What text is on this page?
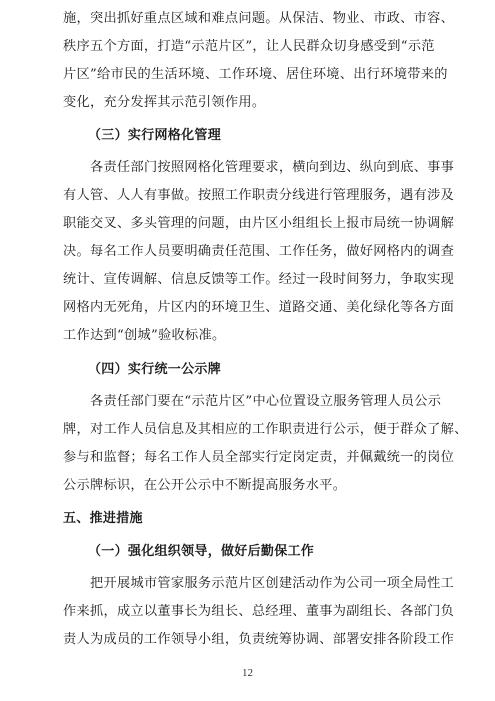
施，突出抓好重点区域和难点问题。从保洁、物业、市政、市容、
秩序五个方面，打造“示范片区”，让人民群众切身感受到“示范
片区”给市民的生活环境、工作环境、居住环境、出行环境带来的
变化，充分发挥其示范引领作用。
（三）实行网格化管理
各责任部门按照网格化管理要求，横向到边、纵向到底、事事
有人管、人人有事做。按照工作职责分线进行管理服务，遇有涉及
职能交叉、多头管理的问题，由片区小组组长上报市局统一协调解
决。每名工作人员要明确责任范围、工作任务，做好网格内的调查
统计、宣传调解、信息反馈等工作。经过一段时间努力，争取实现
网格内无死角，片区内的环境卫生、道路交通、美化绿化等各方面
工作达到“创城”验收标准。
（四）实行统一公示牌
各责任部门要在“示范片区”中心位置设立服务管理人员公示
牌，对工作人员信息及其相应的工作职责进行公示，便于群众了解、
参与和监督；每名工作人员全部实行定岗定责，并佩戴统一的岗位
公示牌标识，在公开公示中不断提高服务水平。
五、推进措施
（一）强化组织领导，做好后勤保工作
把开展城市管家服务示范片区创建活动作为公司一项全局性工
作来抓，成立以董事长为组长、总经理、董事为副组长、各部门负
责人为成员的工作领导小组，负责统筹协调、部署安排各阶段工作
12
